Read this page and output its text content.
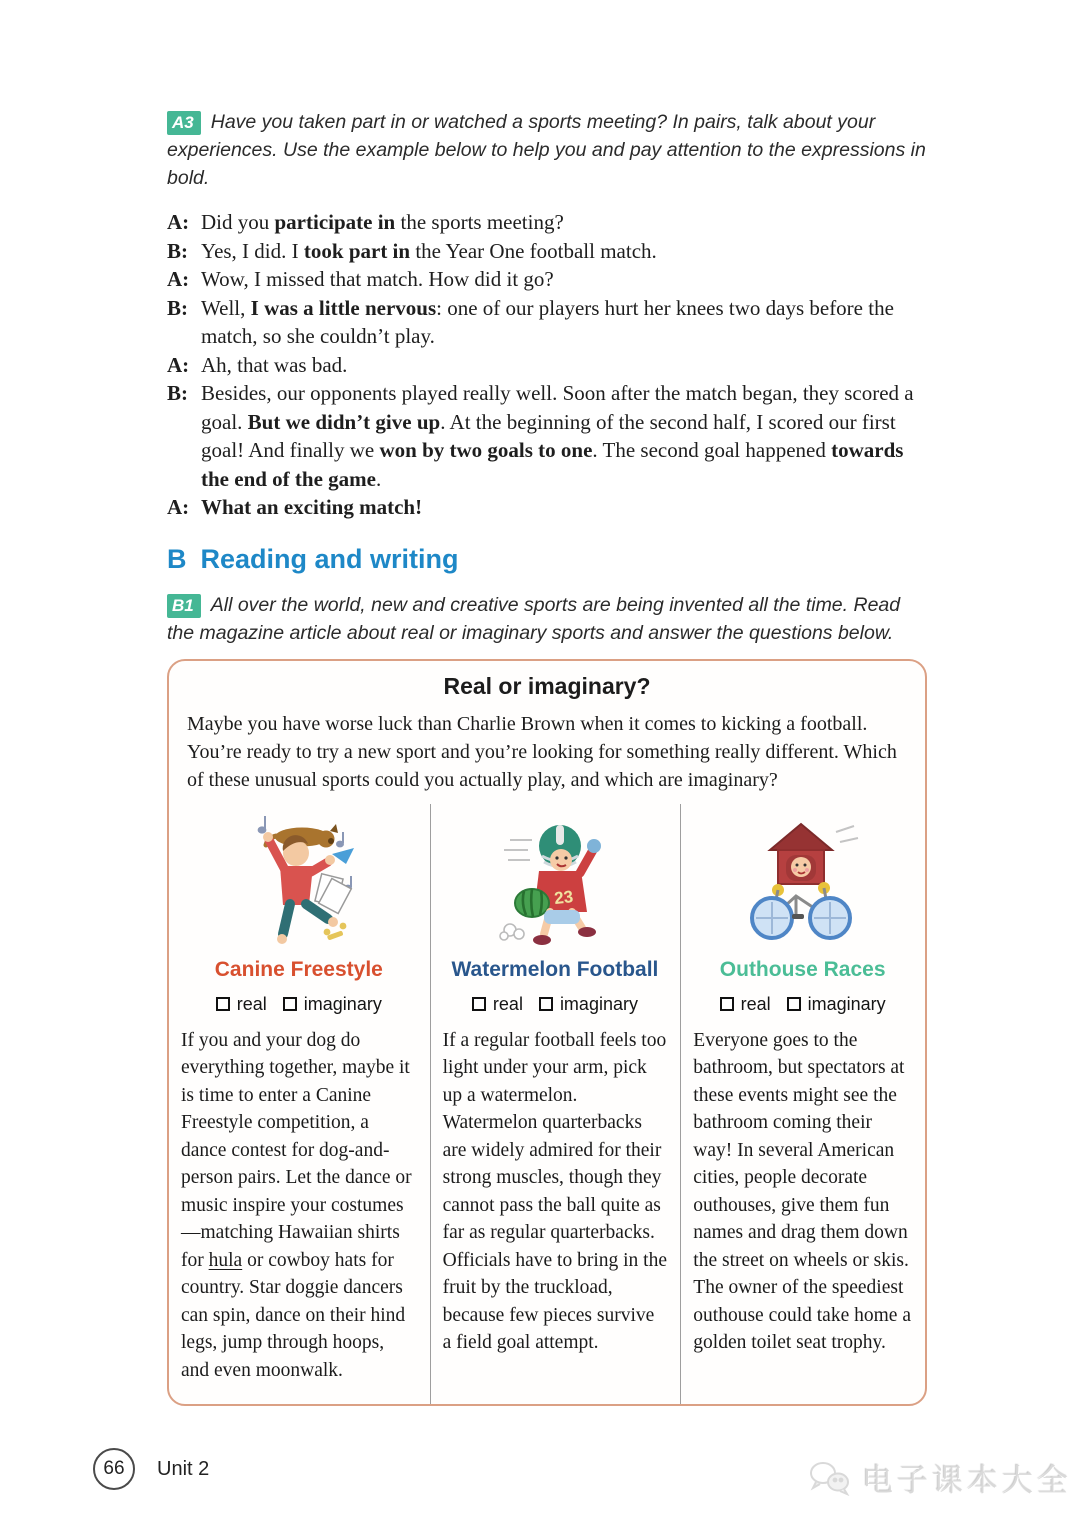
A3 Have you taken part in or watched a sports meeting? In pairs, talk about your experiences. Use the example below to help you and pay attention to the expressions in bold.
A: Did you participate in the sports meeting?
B: Yes, I did. I took part in the Year One football match.
A: Wow, I missed that match. How did it go?
B: Well, I was a little nervous: one of our players hurt her knees two days before the match, so she couldn’t play.
A: Ah, that was bad.
B: Besides, our opponents played really well. Soon after the match began, they scored a goal. But we didn’t give up. At the beginning of the second half, I scored our first goal! And finally we won by two goals to one. The second goal happened towards the end of the game.
A: What an exciting match!
B Reading and writing
B1 All over the world, new and creative sports are being invented all the time. Read the magazine article about real or imaginary sports and answer the questions below.
Real or imaginary?

Maybe you have worse luck than Charlie Brown when it comes to kicking a football. You’re ready to try a new sport and you’re looking for something really different. Which of these unusual sports could you actually play, and which are imaginary?

Canine Freestyle
real imaginary

If you and your dog do everything together, maybe it is time to enter a Canine Freestyle competition, a dance contest for dog-and-person pairs. Let the dance or music inspire your costumes—matching Hawaiian shirts for hula or cowboy hats for country. Star doggie dancers can spin, dance on their hind legs, jump through hoops, and even moonwalk.

23
Watermelon Football
real imaginary

If a regular football feels too light under your arm, pick up a watermelon. Watermelon quarterbacks are widely admired for their strong muscles, though they cannot pass the ball quite as far as regular quarterbacks. Officials have to bring in the fruit by the truckload, because few pieces survive a field goal attempt.

Outhouse Races
real imaginary

Everyone goes to the bathroom, but spectators at these events might see the bathroom coming their way! In several American cities, people decorate outhouses, give them fun names and drag them down the street on wheels or skis. The owner of the speediest outhouse could take home a golden toilet seat trophy.

66	Unit 2	电子课本大全
